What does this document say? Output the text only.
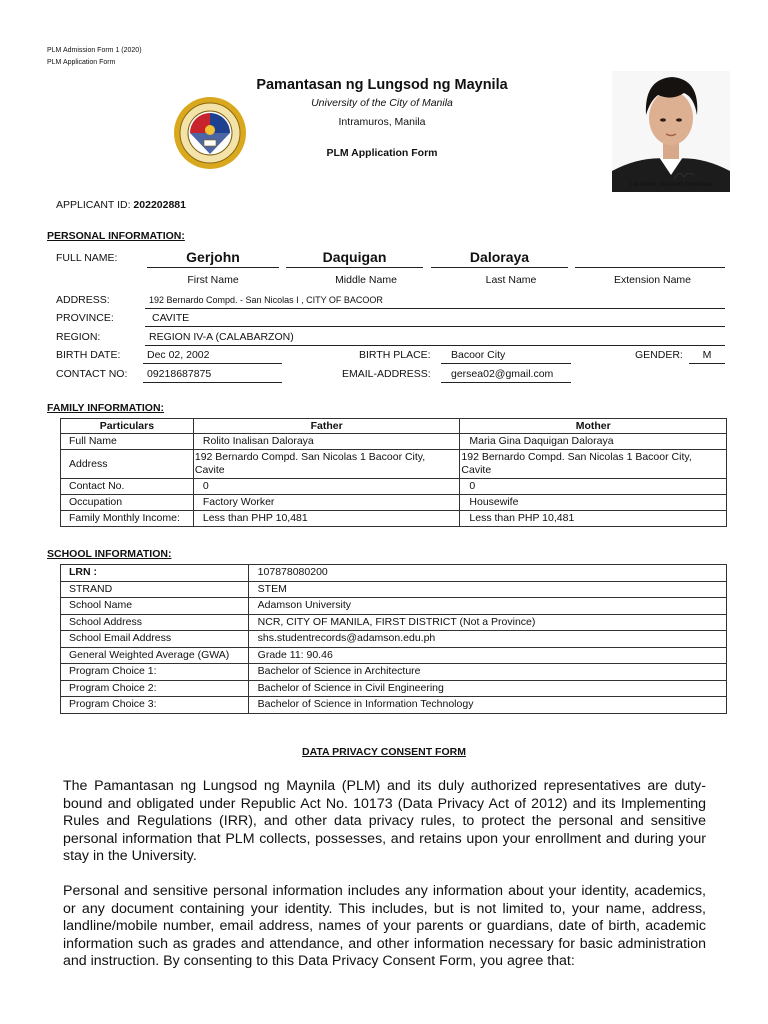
PLM Admission Form 1 (2020)
PLM Application Form
Pamantasan ng Lungsod ng Maynila
University of the City of Manila
Intramuros, Manila
PLM Application Form
DALORAYA, GERJOHN DAQUIGAN
APPLICANT ID: 202202881
PERSONAL INFORMATION:
FULL NAME:	Gerjohn	Daquigan	Daloraya
First Name	Middle Name	Last Name	Extension Name
ADDRESS:	192 Bernardo Compd. - San Nicolas I , CITY OF BACOOR
PROVINCE:	CAVITE
REGION:	REGION IV-A (CALABARZON)
BIRTH DATE:	Dec 02, 2002	BIRTH PLACE: Bacoor City	GENDER:	M
CONTACT NO: 09218687875	EMAIL-ADDRESS: gersea02@gmail.com
FAMILY INFORMATION:
Particulars	Father	Mother
Full Name	Rolito Inalisan Daloraya	Maria Gina Daquigan Daloraya
Address	192 Bernardo Compd. San Nicolas 1 Bacoor City, Cavite	192 Bernardo Compd. San Nicolas 1 Bacoor City, Cavite
Contact No.	0	0
Occupation	Factory Worker	Housewife
Family Monthly Income:	Less than PHP 10,481	Less than PHP 10,481
SCHOOL INFORMATION:
LRN :	107878080200
STRAND	STEM
School Name	Adamson University
School Address	NCR, CITY OF MANILA, FIRST DISTRICT (Not a Province)
School Email Address	shs.studentrecords@adamson.edu.ph
General Weighted Average (GWA)	Grade 11: 90.46
Program Choice 1:	Bachelor of Science in Architecture
Program Choice 2:	Bachelor of Science in Civil Engineering
Program Choice 3:	Bachelor of Science in Information Technology
DATA PRIVACY CONSENT FORM
The Pamantasan ng Lungsod ng Maynila (PLM) and its duly authorized representatives are duty-bound and obligated under Republic Act No. 10173 (Data Privacy Act of 2012) and its Implementing Rules and Regulations (IRR), and other data privacy rules, to protect the personal and sensitive personal information that PLM collects, possesses, and retains upon your enrollment and during your stay in the University.
Personal and sensitive personal information includes any information about your identity, academics, or any document containing your identity. This includes, but is not limited to, your name, address, landline/mobile number, email address, names of your parents or guardians, date of birth, academic information such as grades and attendance, and other information necessary for basic administration and instruction. By consenting to this Data Privacy Consent Form, you agree that:
